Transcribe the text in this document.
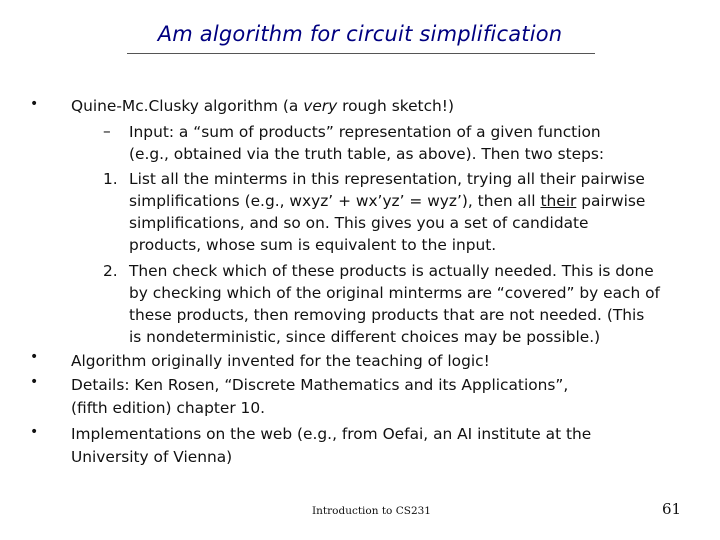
Am algorithm for circuit simplification
• Quine-Mc.Clusky algorithm (a very rough sketch!)
– Input: a “sum of products” representation of a given function
(e.g., obtained via the truth table, as above). Then two steps:
1. List all the minterms in this representation, trying all their pairwise
simplifications (e.g., wxyz’ + wx’yz’ = wyz’), then all their pairwise
simplifications, and so on. This gives you a set of candidate
products, whose sum is equivalent to the input.
2. Then check which of these products is actually needed. This is done
by checking which of the original minterms are “covered” by each of
these products, then removing products that are not needed. (This
is nondeterministic, since different choices may be possible.)
• Algorithm originally invented for the teaching of logic!
• Details: Ken Rosen, “Discrete Mathematics and its Applications”,
(fifth edition) chapter 10.
• Implementations on the web (e.g., from Oefai, an AI institute at the
University of Vienna)
Introduction to CS231	61
